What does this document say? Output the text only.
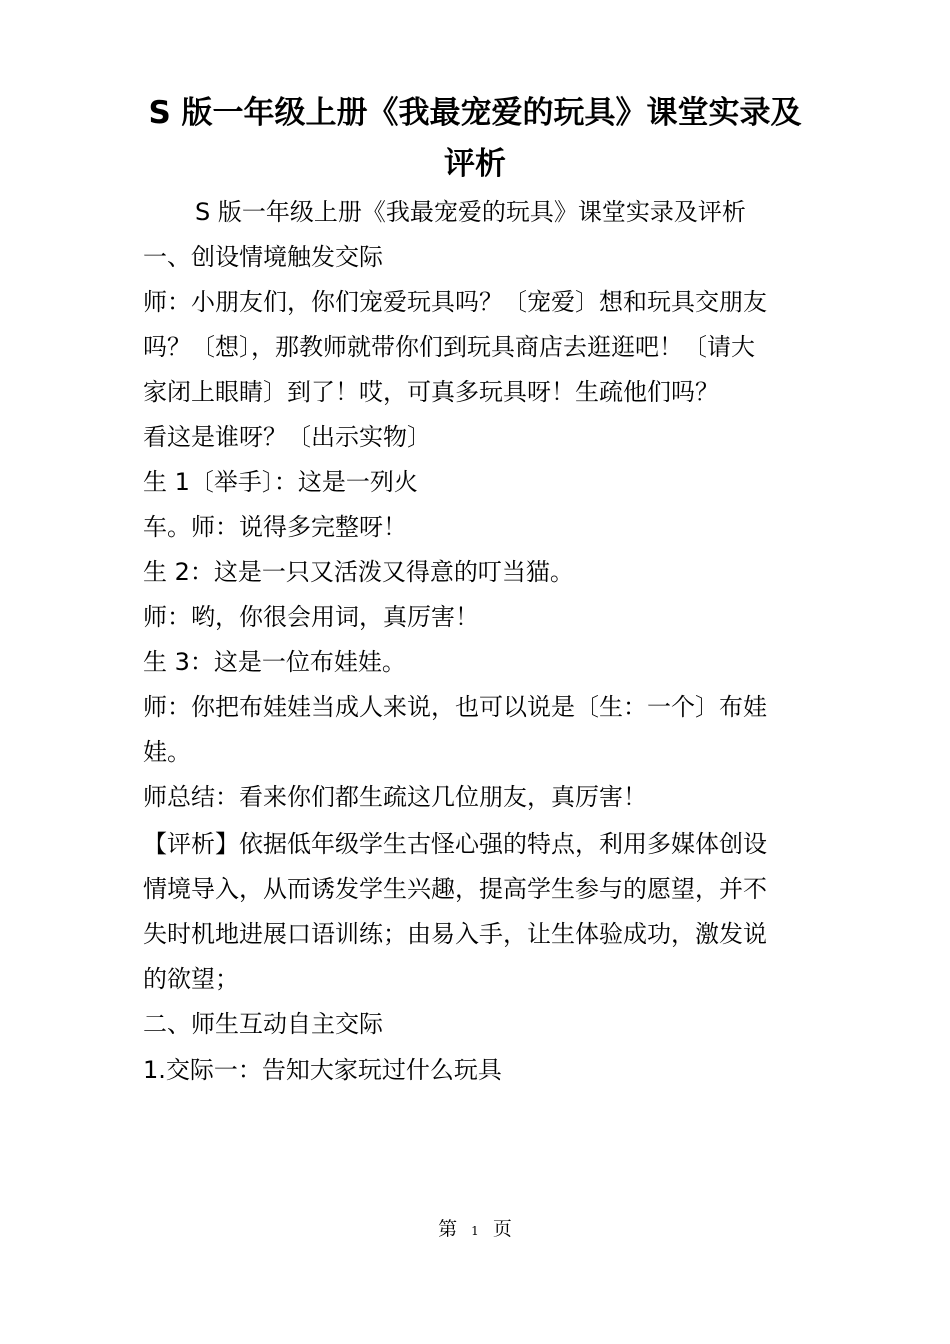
S 版一年级上册《我最宠爱的玩具》课堂实录及
评析

S 版一年级上册《我最宠爱的玩具》课堂实录及评析

一、创设情境触发交际

师：小朋友们，你们宠爱玩具吗？〔宠爱〕想和玩具交朋友

吗？〔想〕，那教师就带你们到玩具商店去逛逛吧！〔请大

家闭上眼睛〕到了！哎，可真多玩具呀！生疏他们吗？

看这是谁呀？〔出示实物〕

生 1〔举手〕：这是一列火

车。师：说得多完整呀！

生 2：这是一只又活泼又得意的叮当猫。

师：哟，你很会用词，真厉害！

生 3：这是一位布娃娃。

师：你把布娃娃当成人来说，也可以说是〔生：一个〕布娃

娃。

师总结：看来你们都生疏这几位朋友，真厉害！

【评析】依据低年级学生古怪心强的特点，利用多媒体创设

情境导入，从而诱发学生兴趣，提高学生参与的愿望，并不

失时机地进展口语训练；由易入手，让生体验成功，激发说

的欲望；

二、师生互动自主交际

1.交际一：告知大家玩过什么玩具

第 1 页
